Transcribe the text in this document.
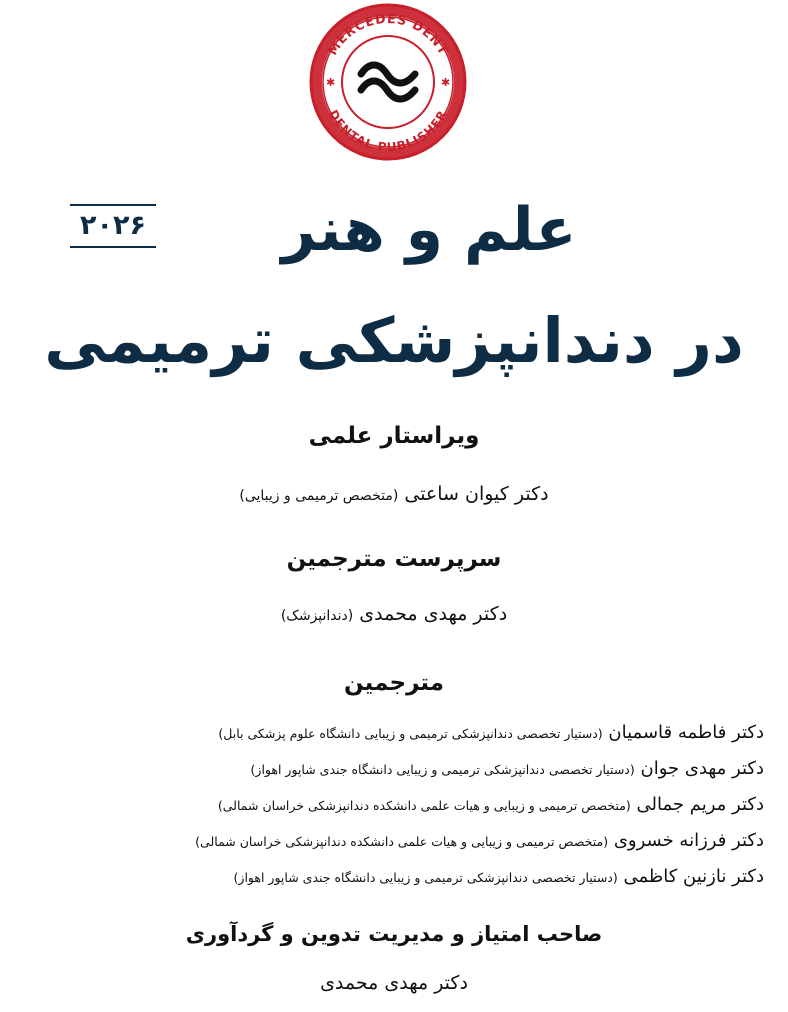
MERCEDES DENT
DENTAL PUBLISHER
✱	✱
۲۰۲۶	علم و هنر
در دندانپزشکی ترمیمی
ویراستار علمی
دکتر کیوان ساعتی (متخصص ترمیمی و زیبایی)
سرپرست مترجمین
دکتر مهدی محمدی (دندانپزشک)
مترجمین
دکتر فاطمه قاسمیان (دستیار تخصصی دندانپزشکی ترمیمی و زیبایی دانشگاه علوم پزشکی بابل)
دکتر مهدی جوان (دستیار تخصصی دندانپزشکی ترمیمی و زیبایی دانشگاه جندی شاپور اهواز)
دکتر مریم جمالی (متخصص ترمیمی و زیبایی و هیات علمی دانشکده دندانپزشکی خراسان شمالی)
دکتر فرزانه خسروی (متخصص ترمیمی و زیبایی و هیات علمی دانشکده دندانپزشکی خراسان شمالی)
دکتر نازنین کاظمی (دستیار تخصصی دندانپزشکی ترمیمی و زیبایی دانشگاه جندی شاپور اهواز)
صاحب امتیاز و مدیریت تدوین و گردآوری
دکتر مهدی محمدی
